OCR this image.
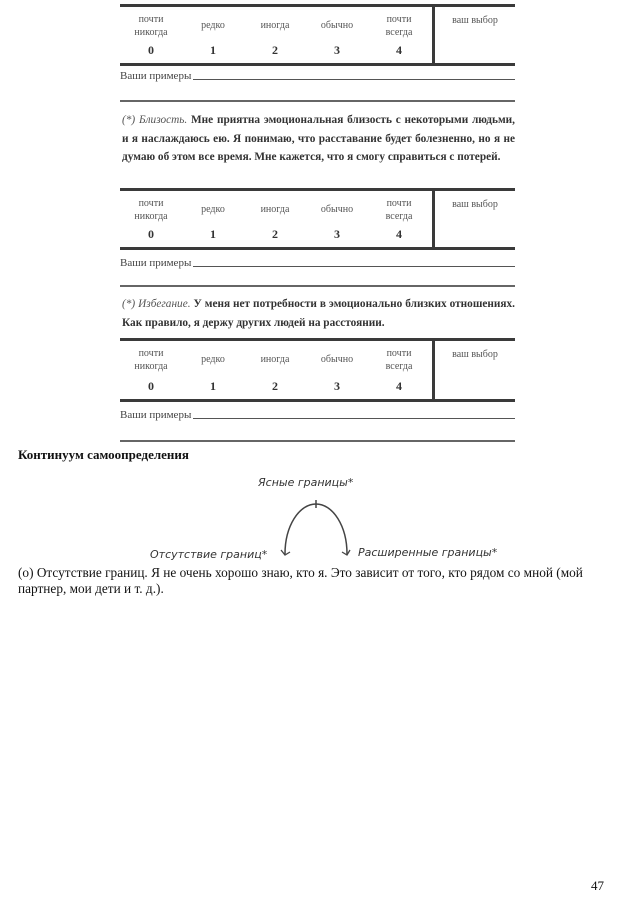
почти никогда
0
редко
1
иногда
2
обычно
3
почти всегда
4
ваш выбор
Ваши примеры
(*) Близость. Мне приятна эмоциональная близость с некоторыми людьми, и я наслаждаюсь ею. Я понимаю, что расставание будет болезненно, но я не думаю об этом все время. Мне кажется, что я смогу справиться с потерей.
почти никогда
0
редко
1
иногда
2
обычно
3
почти всегда
4
ваш выбор
Ваши примеры
(*) Избегание. У меня нет потребности в эмоционально близких отношениях. Как правило, я держу других людей на расстоянии.
почти никогда
0
редко
1
иногда
2
обычно
3
почти всегда
4
ваш выбор
Ваши примеры
Континуум самоопределения
Ясные границы*
Отсутствие границ*	Расширенные границы*
(о) Отсутствие границ. Я не очень хорошо знаю, кто я. Это зависит от того, кто рядом со мной (мой партнер, мои дети и т. д.).
47
